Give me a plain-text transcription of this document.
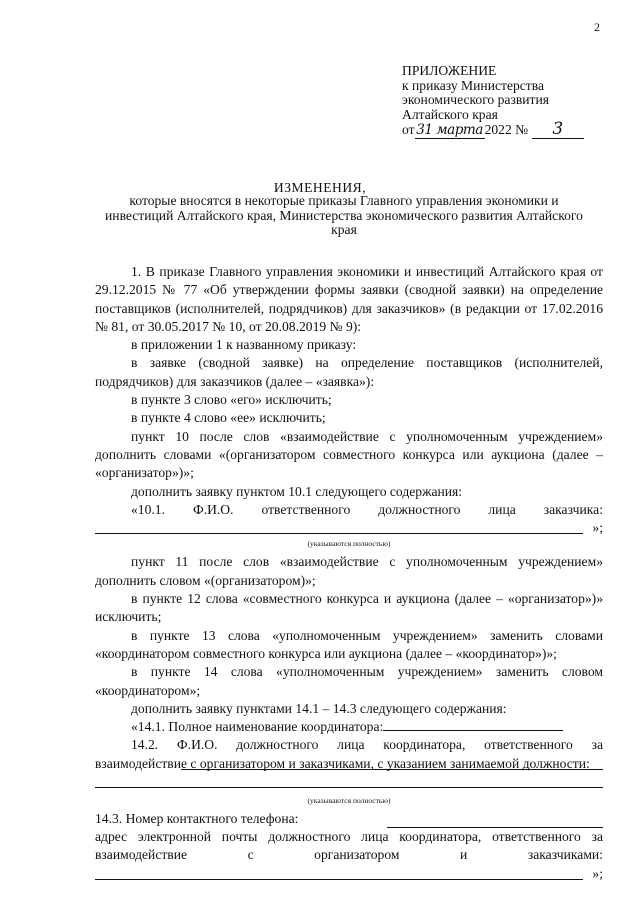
2
ПРИЛОЖЕНИЕ
к приказу Министерства
экономического развития
Алтайского края
от 31 марта 2022 № 3
ИЗМЕНЕНИЯ,
которые вносятся в некоторые приказы Главного управления экономики и инвестиций Алтайского края, Министерства экономического развития Алтайского края

1. В приказе Главного управления экономики и инвестиций Алтайского края от 29.12.2015 № 77 «Об утверждении формы заявки (сводной заявки) на определение поставщиков (исполнителей, подрядчиков) для заказчиков» (в редакции от 17.02.2016 № 81, от 30.05.2017 № 10, от 20.08.2019 № 9):

в приложении 1 к названному приказу:

в заявке (сводной заявке) на определение поставщиков (исполнителей, подрядчиков) для заказчиков (далее – «заявка»):

в пункте 3 слово «его» исключить;

в пункте 4 слово «ее» исключить;

пункт 10 после слов «взаимодействие с уполномоченным учреждением» дополнить словами «(организатором совместного конкурса или аукциона (далее – «организатор»)»;

дополнить заявку пунктом 10.1 следующего содержания:

«10.1. Ф.И.О. ответственного должностного лица заказчика:

»;
(указываются полностью)

пункт 11 после слов «взаимодействие с уполномоченным учреждением» дополнить словом «(организатором)»;

в пункте 12 слова «совместного конкурса и аукциона (далее – «организатор»)» исключить;

в пункте 13 слова «уполномоченным учреждением» заменить словами «координатором совместного конкурса или аукциона (далее – «координатор»)»;

в пункте 14 слова «уполномоченным учреждением» заменить словом «координатором»;

дополнить заявку пунктами 14.1 – 14.3 следующего содержания:

«14.1. Полное наименование координатора:

14.2. Ф.И.О. должностного лица координатора, ответственного за взаимодействие с организатором и заказчиками, с указанием занимаемой должности:

(указываются полностью)
14.3. Номер контактного телефона:

адрес электронной почты должностного лица координатора, ответственного за взаимодействие с организатором и заказчиками:

»;
